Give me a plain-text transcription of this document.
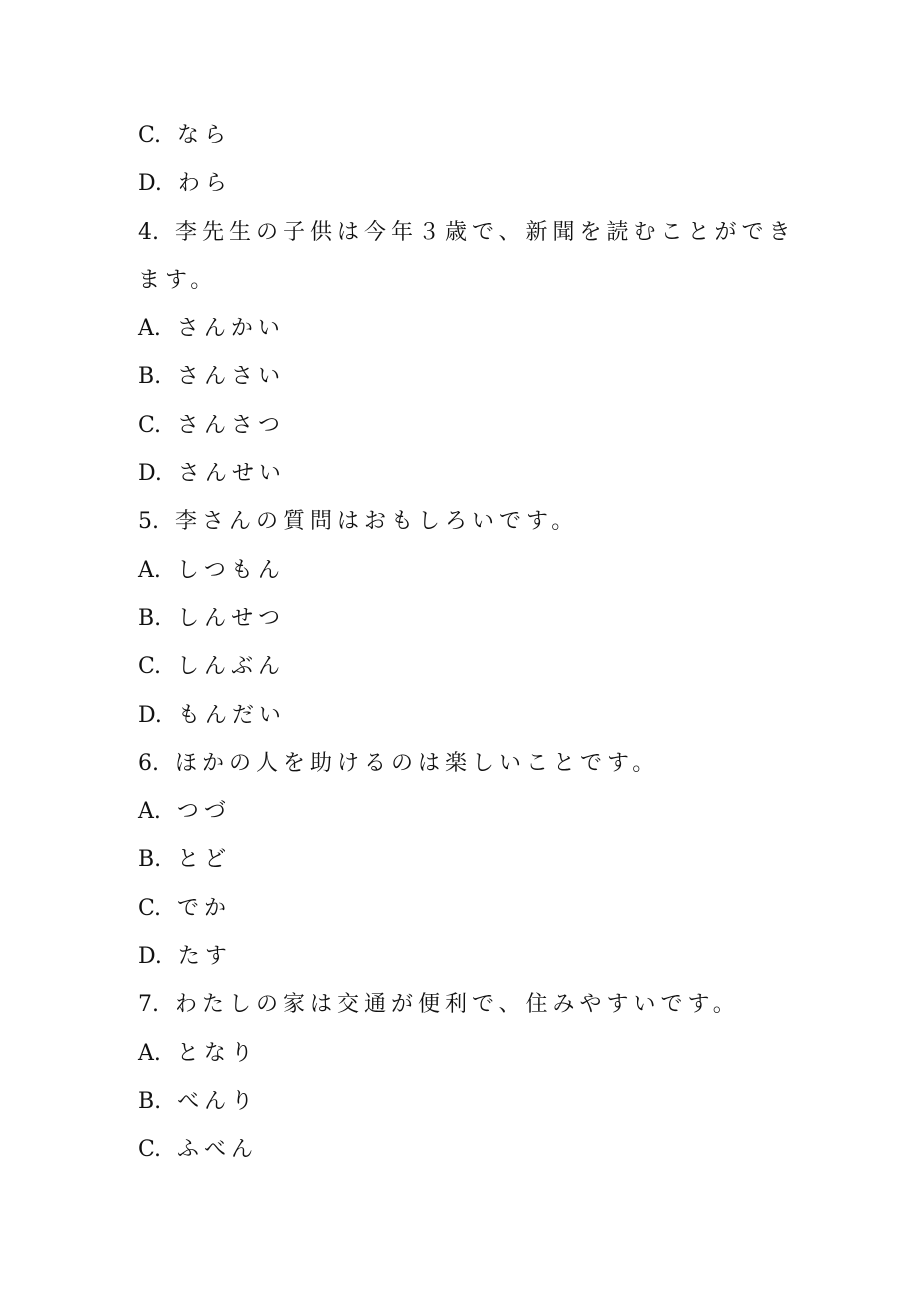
C. なら
D. わら
4. 李先生の子供は今年３歳で、新聞を読むことができます。
A. さんかい
B. さんさい
C. さんさつ
D. さんせい
5. 李さんの質問はおもしろいです。
A. しつもん
B. しんせつ
C. しんぶん
D. もんだい
6. ほかの人を助けるのは楽しいことです。
A. つづ
B. とど
C. でか
D. たす
7. わたしの家は交通が便利で、住みやすいです。
A. となり
B. べんり
C. ふべん
